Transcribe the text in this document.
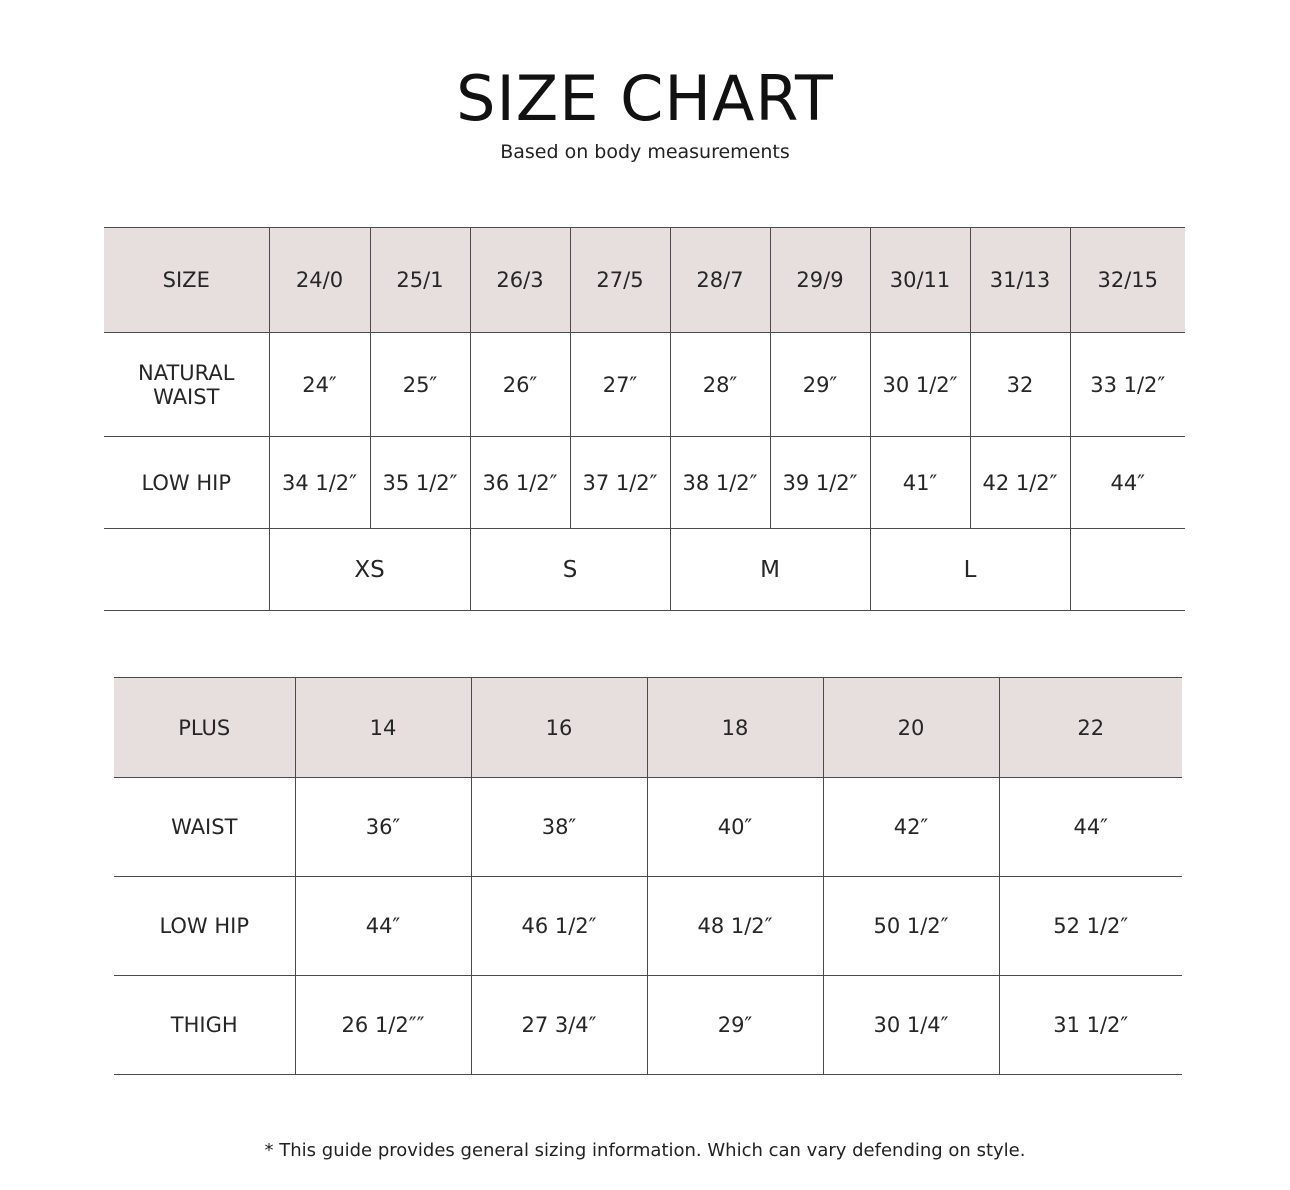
SIZE CHART
Based on body measurements
SIZE	24/0	25/1	26/3	27/5	28/7	29/9	30/11	31/13	32/15

NATURAL
WAIST	24″	25″	26″	27″	28″	29″	30 1/2″	32	33 1/2″
LOW HIP	34 1/2″	35 1/2″	36 1/2″	37 1/2″	38 1/2″	39 1/2″	41″	42 1/2″	44″
	XS		S		M		L		
PLUS	14	16	18	20	22
WAIST	36″	38″	40″	42″	44″
LOW HIP	44″	46 1/2″	48 1/2″	50 1/2″	52 1/2″
THIGH	26 1/2″″	27 3/4″	29″	30 1/4″	31 1/2″
* This guide provides general sizing information. Which can vary defending on style.
